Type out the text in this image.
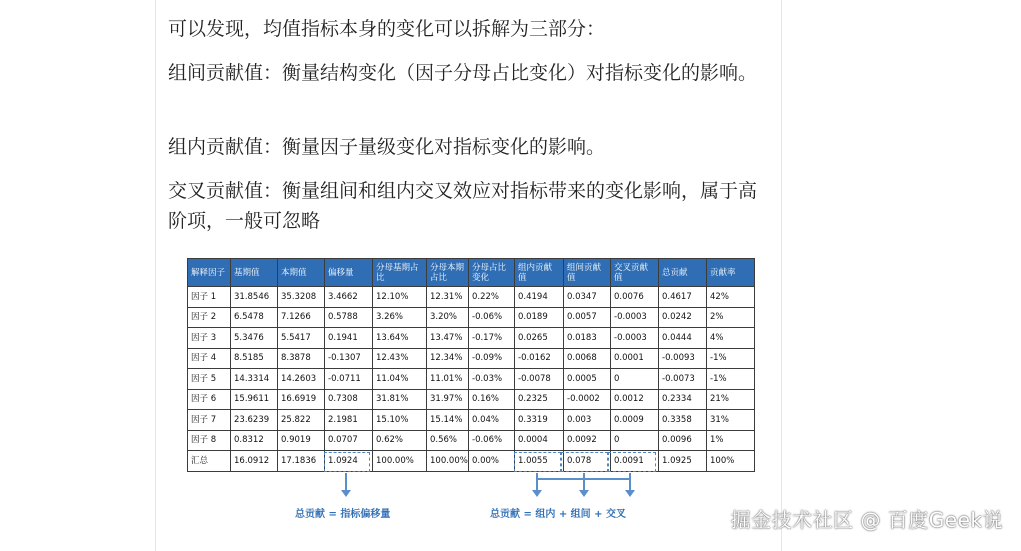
可以发现，均值指标本身的变化可以拆解为三部分：

组间贡献值：衡量结构变化（因子分母占比变化）对指标变化的影响。

组内贡献值：衡量因子量级变化对指标变化的影响。

交叉贡献值：衡量组间和组内交叉效应对指标带来的变化影响，属于高阶项，一般可忽略

解释因子	基期值	本期值	偏移量	分母基期占比	分母本期占比	分母占比变化	组内贡献值	组间贡献值	交叉贡献值	总贡献	贡献率
因子 1	31.8546	35.3208	3.4662	12.10%	12.31%	0.22%	0.4194	0.0347	0.0076	0.4617	42%
因子 2	6.5478	7.1266	0.5788	3.26%	3.20%	-0.06%	0.0189	0.0057	-0.0003	0.0242	2%
因子 3	5.3476	5.5417	0.1941	13.64%	13.47%	-0.17%	0.0265	0.0183	-0.0003	0.0444	4%
因子 4	8.5185	8.3878	-0.1307	12.43%	12.34%	-0.09%	-0.0162	0.0068	0.0001	-0.0093	-1%
因子 5	14.3314	14.2603	-0.0711	11.04%	11.01%	-0.03%	-0.0078	0.0005	0	-0.0073	-1%
因子 6	15.9611	16.6919	0.7308	31.81%	31.97%	0.16%	0.2325	-0.0002	0.0012	0.2334	21%
因子 7	23.6239	25.822	2.1981	15.10%	15.14%	0.04%	0.3319	0.003	0.0009	0.3358	31%
因子 8	0.8312	0.9019	0.0707	0.62%	0.56%	-0.06%	0.0004	0.0092	0	0.0096	1%
汇总	16.0912	17.1836	1.0924	100.00%	100.00%	0.00%	1.0055	0.078	0.0091	1.0925	100%
总贡献 = 指标偏移量	总贡献 = 组内 + 组间 + 交叉	掘金技术社区 @ 百度Geek说
